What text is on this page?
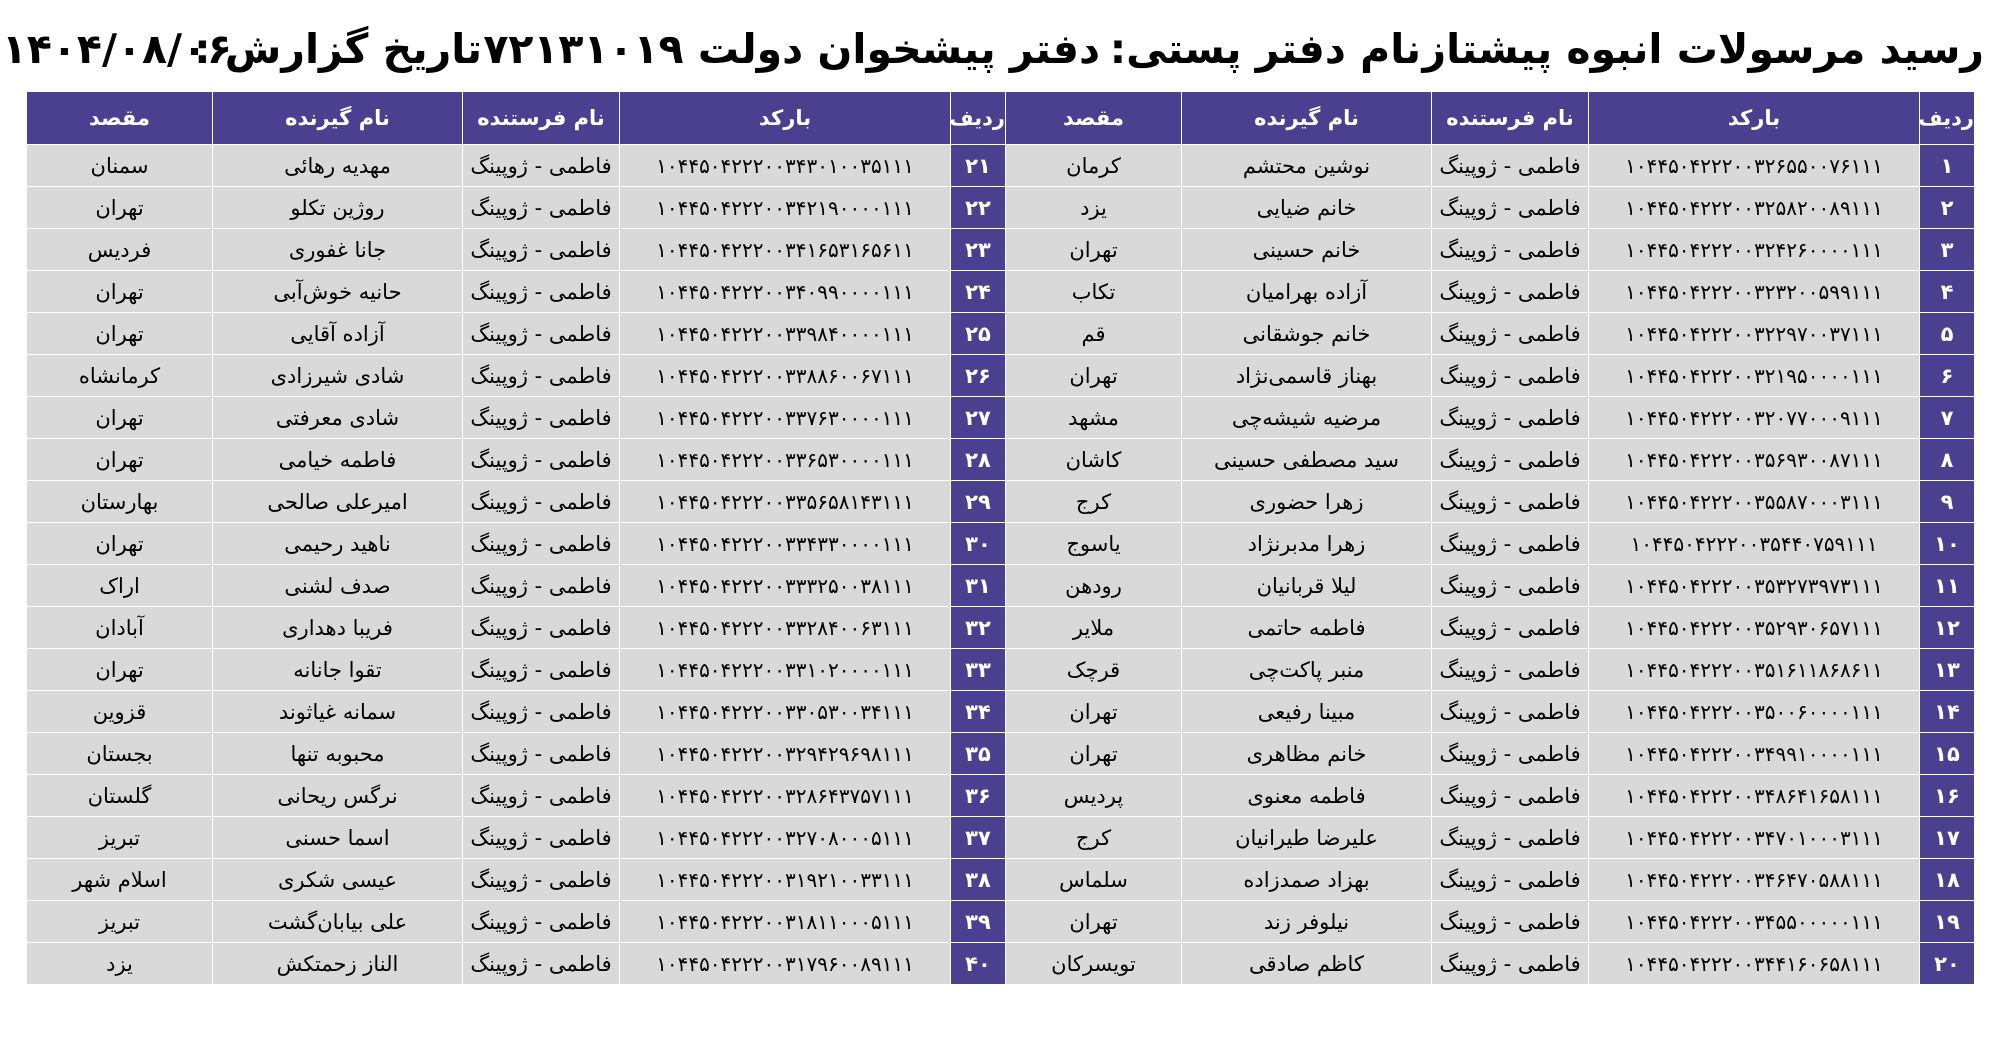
رسید مرسولات انبوه پیشتاز
نام دفتر پستی:
دفتر پیشخوان دولت ۷۲۱۳۱۰۱۹
تاریخ گزارش :
۱۴۰۴/۰۸/۰۶
ردیف	بارکد	نام فرستنده	نام گیرنده	مقصد	ردیف	بارکد	نام فرستنده	نام گیرنده	مقصد
۱	۱۰۴۴۵۰۴۲۲۲۰۰۳۲۶۵۵۰۰۷۶۱۱۱	فاطمی - ژوپینگ	نوشین محتشم	کرمان	۲۱	۱۰۴۴۵۰۴۲۲۲۰۰۳۴۳۰۱۰۰۳۵۱۱۱	فاطمی - ژوپینگ	مهدیه رهائی	سمنان
۲	۱۰۴۴۵۰۴۲۲۲۰۰۳۲۵۸۲۰۰۸۹۱۱۱	فاطمی - ژوپینگ	خانم ضیایی	یزد	۲۲	۱۰۴۴۵۰۴۲۲۲۰۰۳۴۲۱۹۰۰۰۰۱۱۱	فاطمی - ژوپینگ	روژین تکلو	تهران
۳	۱۰۴۴۵۰۴۲۲۲۰۰۳۲۴۲۶۰۰۰۰۱۱۱	فاطمی - ژوپینگ	خانم حسینی	تهران	۲۳	۱۰۴۴۵۰۴۲۲۲۰۰۳۴۱۶۵۳۱۶۵۶۱۱	فاطمی - ژوپینگ	جانا غفوری	فردیس
۴	۱۰۴۴۵۰۴۲۲۲۰۰۳۲۳۲۰۰۵۹۹۱۱۱	فاطمی - ژوپینگ	آزاده بهرامیان	تکاب	۲۴	۱۰۴۴۵۰۴۲۲۲۰۰۳۴۰۹۹۰۰۰۰۱۱۱	فاطمی - ژوپینگ	حانیه خوش‌آبی	تهران
۵	۱۰۴۴۵۰۴۲۲۲۰۰۳۲۲۹۷۰۰۳۷۱۱۱	فاطمی - ژوپینگ	خانم جوشقانی	قم	۲۵	۱۰۴۴۵۰۴۲۲۲۰۰۳۳۹۸۴۰۰۰۰۱۱۱	فاطمی - ژوپینگ	آزاده آقایی	تهران
۶	۱۰۴۴۵۰۴۲۲۲۰۰۳۲۱۹۵۰۰۰۰۱۱۱	فاطمی - ژوپینگ	بهناز قاسمی‌نژاد	تهران	۲۶	۱۰۴۴۵۰۴۲۲۲۰۰۳۳۸۸۶۰۰۶۷۱۱۱	فاطمی - ژوپینگ	شادی شیرزادی	کرمانشاه
۷	۱۰۴۴۵۰۴۲۲۲۰۰۳۲۰۷۷۰۰۰۹۱۱۱	فاطمی - ژوپینگ	مرضیه شیشه‌چی	مشهد	۲۷	۱۰۴۴۵۰۴۲۲۲۰۰۳۳۷۶۳۰۰۰۰۱۱۱	فاطمی - ژوپینگ	شادی معرفتی	تهران
۸	۱۰۴۴۵۰۴۲۲۲۰۰۳۵۶۹۳۰۰۸۷۱۱۱	فاطمی - ژوپینگ	سید مصطفی حسینی	کاشان	۲۸	۱۰۴۴۵۰۴۲۲۲۰۰۳۳۶۵۳۰۰۰۰۱۱۱	فاطمی - ژوپینگ	فاطمه خیامی	تهران
۹	۱۰۴۴۵۰۴۲۲۲۰۰۳۵۵۸۷۰۰۰۳۱۱۱	فاطمی - ژوپینگ	زهرا حضوری	کرج	۲۹	۱۰۴۴۵۰۴۲۲۲۰۰۳۳۵۶۵۸۱۴۳۱۱۱	فاطمی - ژوپینگ	امیرعلی صالحی	بهارستان
۱۰	۱۰۴۴۵۰۴۲۲۲۰۰۳۵۴۴۰۷۵۹۱۱۱	فاطمی - ژوپینگ	زهرا مدبرنژاد	یاسوج	۳۰	۱۰۴۴۵۰۴۲۲۲۰۰۳۳۴۳۳۰۰۰۰۱۱۱	فاطمی - ژوپینگ	ناهید رحیمی	تهران
۱۱	۱۰۴۴۵۰۴۲۲۲۰۰۳۵۳۲۷۳۹۷۳۱۱۱	فاطمی - ژوپینگ	لیلا قربانیان	رودهن	۳۱	۱۰۴۴۵۰۴۲۲۲۰۰۳۳۳۲۵۰۰۳۸۱۱۱	فاطمی - ژوپینگ	صدف لشنی	اراک
۱۲	۱۰۴۴۵۰۴۲۲۲۰۰۳۵۲۹۳۰۶۵۷۱۱۱	فاطمی - ژوپینگ	فاطمه حاتمی	ملایر	۳۲	۱۰۴۴۵۰۴۲۲۲۰۰۳۳۲۸۴۰۰۶۳۱۱۱	فاطمی - ژوپینگ	فریبا دهداری	آبادان
۱۳	۱۰۴۴۵۰۴۲۲۲۰۰۳۵۱۶۱۱۸۶۸۶۱۱	فاطمی - ژوپینگ	منبر پاکت‌چی	قرچک	۳۳	۱۰۴۴۵۰۴۲۲۲۰۰۳۳۱۰۲۰۰۰۰۱۱۱	فاطمی - ژوپینگ	تقوا جانانه	تهران
۱۴	۱۰۴۴۵۰۴۲۲۲۰۰۳۵۰۰۶۰۰۰۰۱۱۱	فاطمی - ژوپینگ	مبینا رفیعی	تهران	۳۴	۱۰۴۴۵۰۴۲۲۲۰۰۳۳۰۵۳۰۰۳۴۱۱۱	فاطمی - ژوپینگ	سمانه غیاثوند	قزوین
۱۵	۱۰۴۴۵۰۴۲۲۲۰۰۳۴۹۹۱۰۰۰۰۱۱۱	فاطمی - ژوپینگ	خانم مظاهری	تهران	۳۵	۱۰۴۴۵۰۴۲۲۲۰۰۳۲۹۴۲۹۶۹۸۱۱۱	فاطمی - ژوپینگ	محبوبه تنها	بجستان
۱۶	۱۰۴۴۵۰۴۲۲۲۰۰۳۴۸۶۴۱۶۵۸۱۱۱	فاطمی - ژوپینگ	فاطمه معنوی	پردیس	۳۶	۱۰۴۴۵۰۴۲۲۲۰۰۳۲۸۶۴۳۷۵۷۱۱۱	فاطمی - ژوپینگ	نرگس ریحانی	گلستان
۱۷	۱۰۴۴۵۰۴۲۲۲۰۰۳۴۷۰۱۰۰۰۳۱۱۱	فاطمی - ژوپینگ	علیرضا طیرانیان	کرج	۳۷	۱۰۴۴۵۰۴۲۲۲۰۰۳۲۷۰۸۰۰۰۵۱۱۱	فاطمی - ژوپینگ	اسما حسنی	تبریز
۱۸	۱۰۴۴۵۰۴۲۲۲۰۰۳۴۶۴۷۰۵۸۸۱۱۱	فاطمی - ژوپینگ	بهزاد صمدزاده	سلماس	۳۸	۱۰۴۴۵۰۴۲۲۲۰۰۳۱۹۲۱۰۰۳۳۱۱۱	فاطمی - ژوپینگ	عیسی شکری	اسلام شهر
۱۹	۱۰۴۴۵۰۴۲۲۲۰۰۳۴۵۵۰۰۰۰۰۱۱۱	فاطمی - ژوپینگ	نیلوفر زند	تهران	۳۹	۱۰۴۴۵۰۴۲۲۲۰۰۳۱۸۱۱۰۰۰۵۱۱۱	فاطمی - ژوپینگ	علی بیابان‌گشت	تبریز
۲۰	۱۰۴۴۵۰۴۲۲۲۰۰۳۴۴۱۶۰۶۵۸۱۱۱	فاطمی - ژوپینگ	کاظم صادقی	تویسرکان	۴۰	۱۰۴۴۵۰۴۲۲۲۰۰۳۱۷۹۶۰۰۸۹۱۱۱	فاطمی - ژوپینگ	الناز زحمتکش	یزد
